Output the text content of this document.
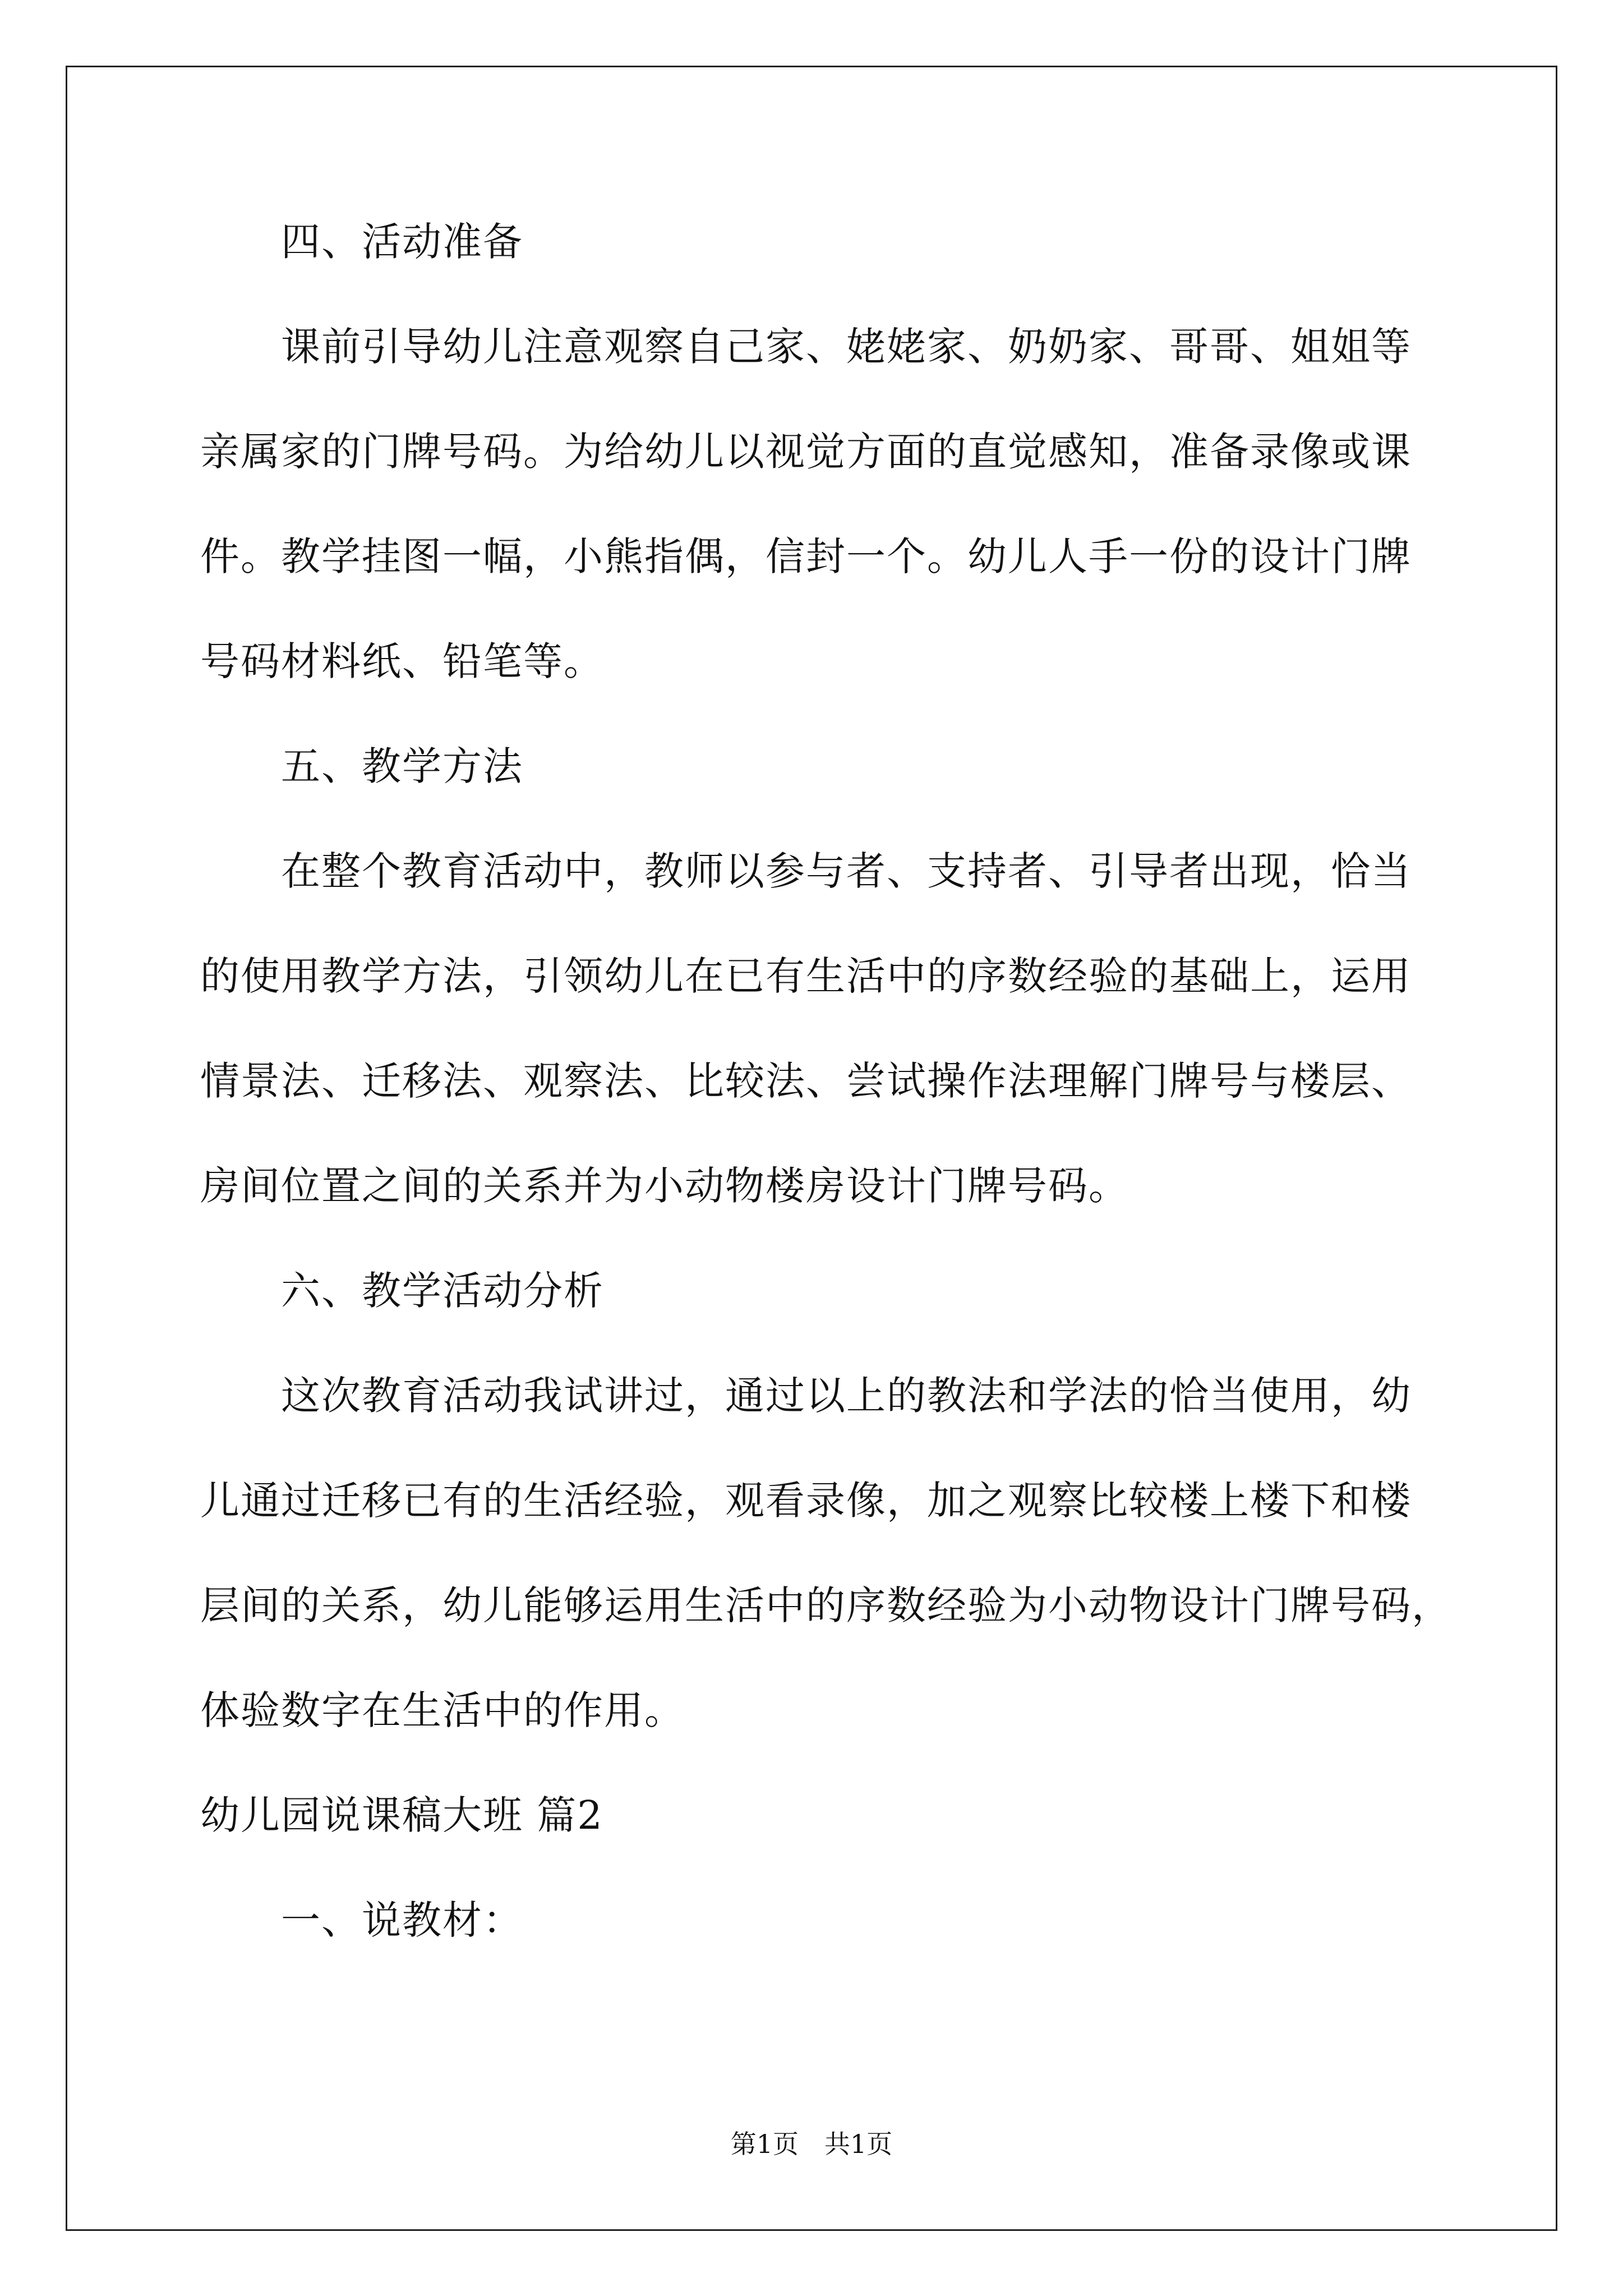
四、活动准备
课前引导幼儿注意观察自己家、姥姥家、奶奶家、哥哥、姐姐等
亲属家的门牌号码。为给幼儿以视觉方面的直觉感知，准备录像或课
件。教学挂图一幅，小熊指偶，信封一个。幼儿人手一份的设计门牌
号码材料纸、铅笔等。
五、教学方法
在整个教育活动中，教师以参与者、支持者、引导者出现，恰当
的使用教学方法，引领幼儿在已有生活中的序数经验的基础上，运用
情景法、迁移法、观察法、比较法、尝试操作法理解门牌号与楼层、
房间位置之间的关系并为小动物楼房设计门牌号码。
六、教学活动分析
这次教育活动我试讲过，通过以上的教法和学法的恰当使用，幼
儿通过迁移已有的生活经验，观看录像，加之观察比较楼上楼下和楼
层间的关系，幼儿能够运用生活中的序数经验为小动物设计门牌号码，
体验数字在生活中的作用。
幼儿园说课稿大班 篇2
一、说教材：
第1页　共1页
